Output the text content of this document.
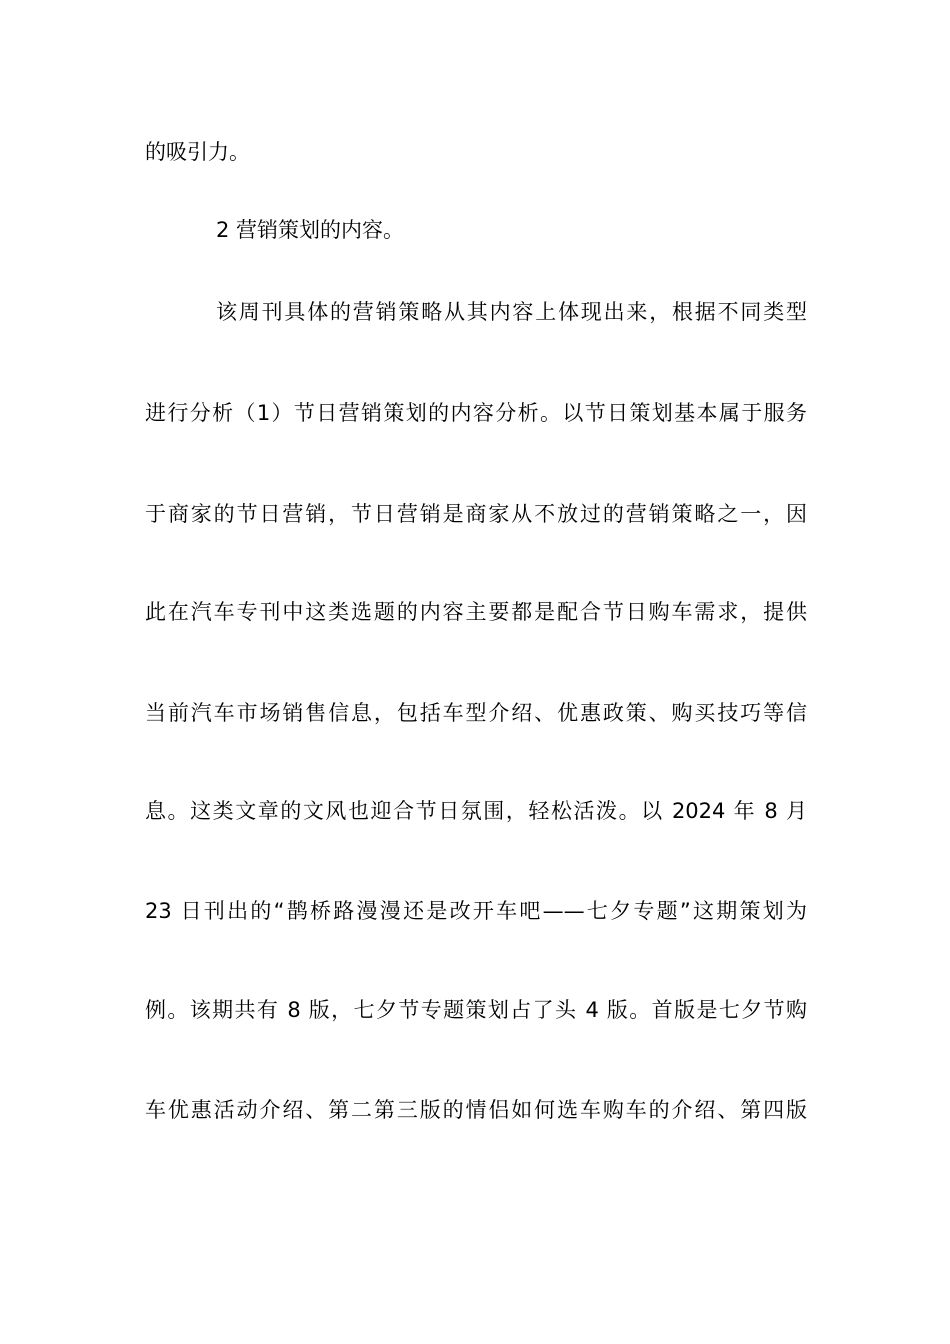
的吸引力。
2 营销策划的内容。
该周刊具体的营销策略从其内容上体现出来，根据不同类型
进行分析（1）节日营销策划的内容分析。以节日策划基本属于服务
于商家的节日营销，节日营销是商家从不放过的营销策略之一，因
此在汽车专刊中这类选题的内容主要都是配合节日购车需求，提供
当前汽车市场销售信息，包括车型介绍、优惠政策、购买技巧等信
息。这类文章的文风也迎合节日氛围，轻松活泼。以 2024 年 8 月
23 日刊出的“鹊桥路漫漫还是改开车吧——七夕专题”这期策划为
例。该期共有 8 版，七夕节专题策划占了头 4 版。首版是七夕节购
车优惠活动介绍、第二第三版的情侣如何选车购车的介绍、第四版
